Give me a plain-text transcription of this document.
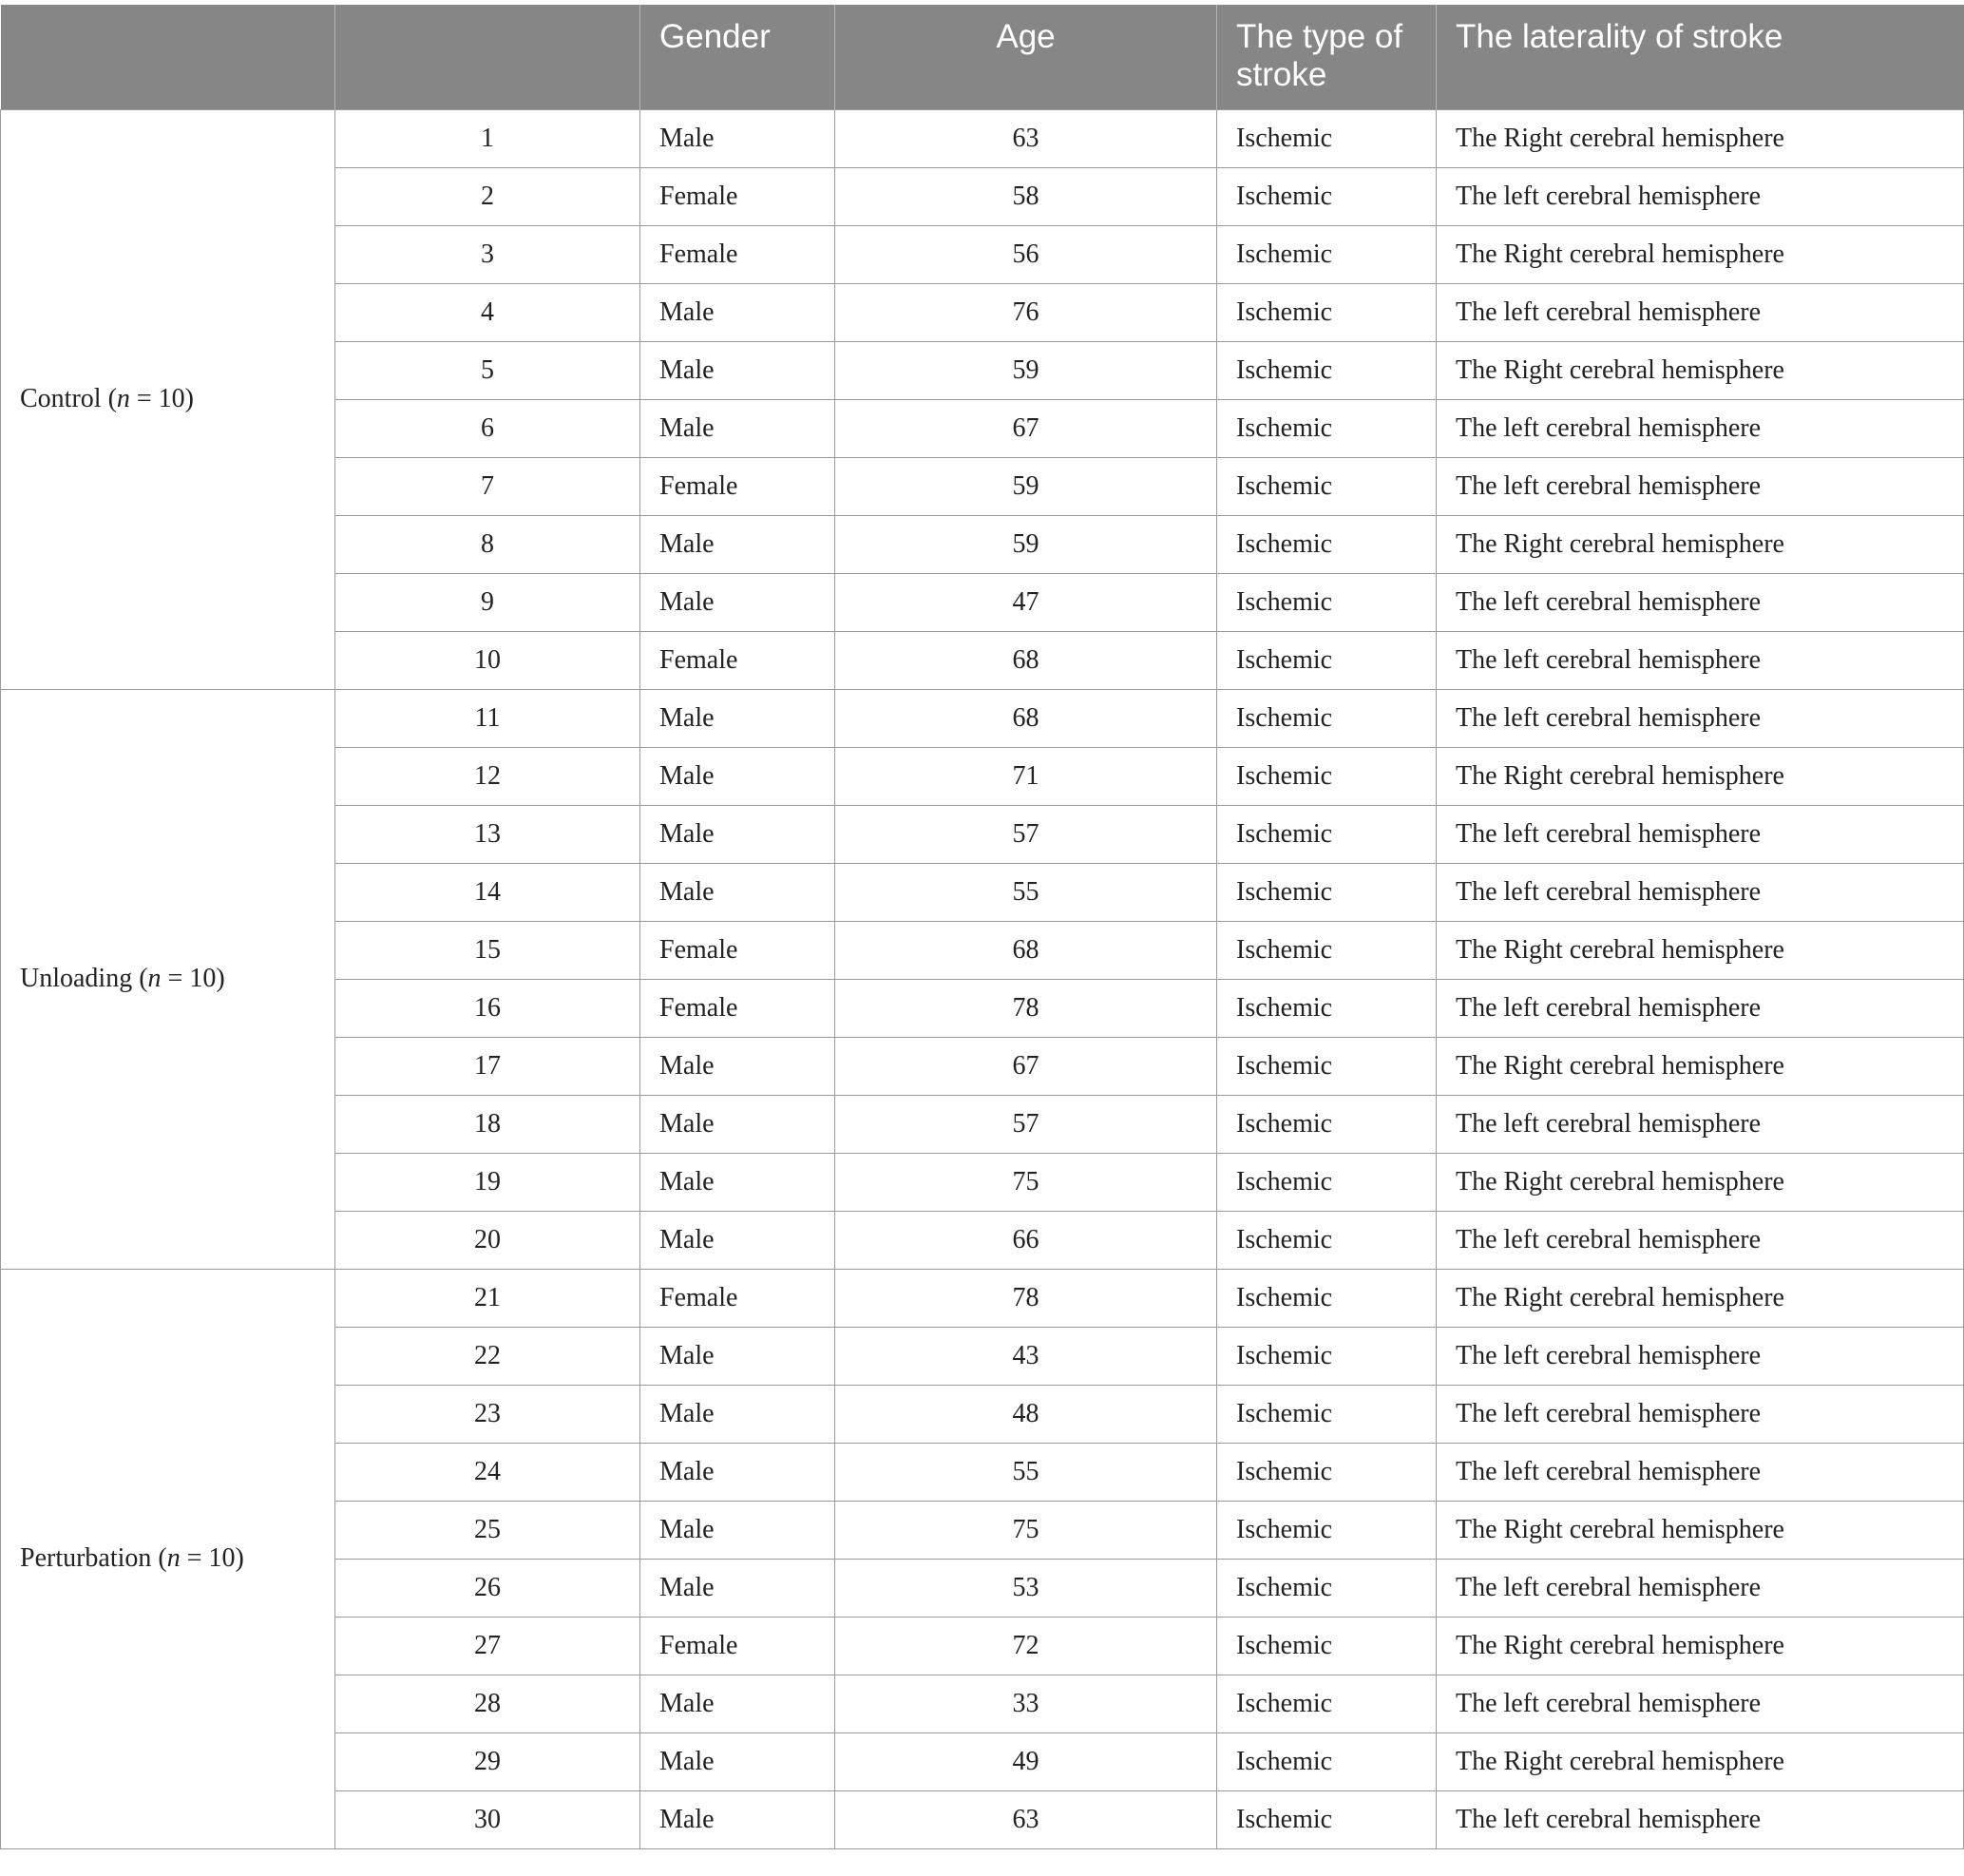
		Gender	Age	The type of stroke	The laterality of stroke
Control (n = 10)	1	Male	63	Ischemic	The Right cerebral hemisphere
	2	Female	58	Ischemic	The left cerebral hemisphere
	3	Female	56	Ischemic	The Right cerebral hemisphere
	4	Male	76	Ischemic	The left cerebral hemisphere
	5	Male	59	Ischemic	The Right cerebral hemisphere
	6	Male	67	Ischemic	The left cerebral hemisphere
	7	Female	59	Ischemic	The left cerebral hemisphere
	8	Male	59	Ischemic	The Right cerebral hemisphere
	9	Male	47	Ischemic	The left cerebral hemisphere
	10	Female	68	Ischemic	The left cerebral hemisphere
Unloading (n = 10)	11	Male	68	Ischemic	The left cerebral hemisphere
	12	Male	71	Ischemic	The Right cerebral hemisphere
	13	Male	57	Ischemic	The left cerebral hemisphere
	14	Male	55	Ischemic	The left cerebral hemisphere
	15	Female	68	Ischemic	The Right cerebral hemisphere
	16	Female	78	Ischemic	The left cerebral hemisphere
	17	Male	67	Ischemic	The Right cerebral hemisphere
	18	Male	57	Ischemic	The left cerebral hemisphere
	19	Male	75	Ischemic	The Right cerebral hemisphere
	20	Male	66	Ischemic	The left cerebral hemisphere
Perturbation (n = 10)	21	Female	78	Ischemic	The Right cerebral hemisphere
	22	Male	43	Ischemic	The left cerebral hemisphere
	23	Male	48	Ischemic	The left cerebral hemisphere
	24	Male	55	Ischemic	The left cerebral hemisphere
	25	Male	75	Ischemic	The Right cerebral hemisphere
	26	Male	53	Ischemic	The left cerebral hemisphere
	27	Female	72	Ischemic	The Right cerebral hemisphere
	28	Male	33	Ischemic	The left cerebral hemisphere
	29	Male	49	Ischemic	The Right cerebral hemisphere
	30	Male	63	Ischemic	The left cerebral hemisphere
